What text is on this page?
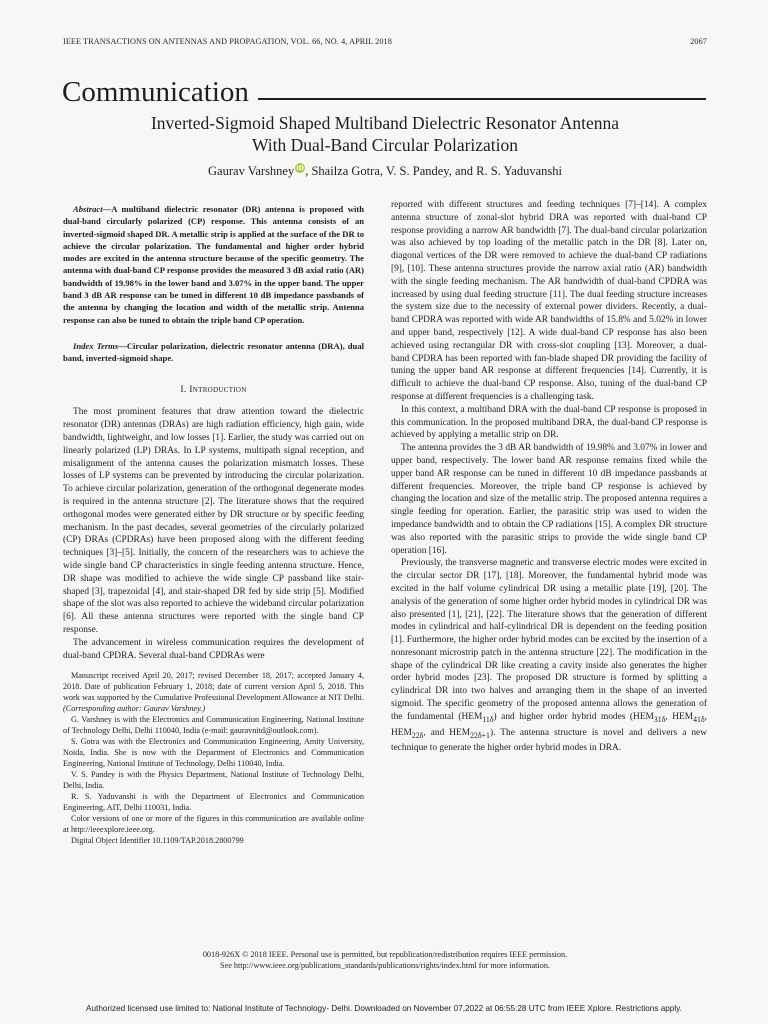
IEEE TRANSACTIONS ON ANTENNAS AND PROPAGATION, VOL. 66, NO. 4, APRIL 2018	2067
Communication
Inverted-Sigmoid Shaped Multiband Dielectric Resonator Antenna
With Dual-Band Circular Polarization
Gaurav Varshney iD, Shailza Gotra, V. S. Pandey, and R. S. Yaduvanshi

Abstract—A multiband dielectric resonator (DR) antenna is proposed with dual-band circularly polarized (CP) response. This antenna consists of an inverted-sigmoid shaped DR. A metallic strip is applied at the surface of the DR to achieve the circular polarization. The fundamental and higher order hybrid modes are excited in the antenna structure because of the specific geometry. The antenna with dual-band CP response provides the measured 3 dB axial ratio (AR) bandwidth of 19.98% in the lower band and 3.07% in the upper band. The upper band 3 dB AR response can be tuned in different 10 dB impedance passbands of the antenna by changing the location and width of the metallic strip. Antenna response can also be tuned to obtain the triple band CP operation.

Index Terms—Circular polarization, dielectric resonator antenna (DRA), dual band, inverted-sigmoid shape.

I. Introduction

The most prominent features that draw attention toward the dielectric resonator (DR) antennas (DRAs) are high radiation efficiency, high gain, wide bandwidth, lightweight, and low losses [1]. Earlier, the study was carried out on linearly polarized (LP) DRAs. In LP systems, multipath signal reception, and misalignment of the antenna causes the polarization mismatch losses. These losses of LP systems can be prevented by introducing the circular polarization. To achieve circular polarization, generation of the orthogonal degenerate modes is required in the antenna structure [2]. The literature shows that the required orthogonal modes were generated either by DR structure or by specific feeding mechanism. In the past decades, several geometries of the circularly polarized (CP) DRAs (CPDRAs) have been proposed along with the different feeding techniques [3]–[5]. Initially, the concern of the researchers was to achieve the wide single band CP characteristics in single feeding antenna structure. Hence, DR shape was modified to achieve the wide single CP passband like stair-shaped [3], trapezoidal [4], and stair-shaped DR fed by side strip [5]. Modified shape of the slot was also reported to achieve the wideband circular polarization [6]. All these antenna structures were reported with the single band CP response.

The advancement in wireless communication requires the development of dual-band CPDRA. Several dual-band CPDRAs were

Manuscript received April 20, 2017; revised December 18, 2017; accepted January 4, 2018. Date of publication February 1, 2018; date of current version April 5, 2018. This work was supported by the Cumulative Professional Development Allowance at NIT Delhi. (Corresponding author: Gaurav Varshney.)

G. Varshney is with the Electronics and Communication Engineering, National Institute of Technology Delhi, Delhi 110040, India (e-mail: gauravnitd@outlook.com).

S. Gotra was with the Electronics and Communication Engineering, Amity University, Noida, India. She is now with the Department of Electronics and Communication Engineering, National Institute of Technology, Delhi 110040, India.

V. S. Pandey is with the Physics Department, National Institute of Technology Delhi, Delhi, India.

R. S. Yaduvanshi is with the Department of Electronics and Communication Engineering, AIT, Delhi 110031, India.

Color versions of one or more of the figures in this communication are available online at http://ieeexplore.ieee.org.

Digital Object Identifier 10.1109/TAP.2018.2800799

reported with different structures and feeding techniques [7]–[14]. A complex antenna structure of zonal-slot hybrid DRA was reported with dual-band CP response providing a narrow AR bandwidth [7]. The dual-band circular polarization was also achieved by top loading of the metallic patch in the DR [8]. Later on, diagonal vertices of the DR were removed to achieve the dual-band CP radiations [9], [10]. These antenna structures provide the narrow axial ratio (AR) bandwidth with the single feeding mechanism. The AR bandwidth of dual-band CPDRA was increased by using dual feeding structure [11]. The dual feeding structure increases the system size due to the necessity of external power dividers. Recently, a dual-band CPDRA was reported with wide AR bandwidths of 15.8% and 5.02% in lower and upper band, respectively [12]. A wide dual-band CP response has also been achieved using rectangular DR with cross-slot coupling [13]. Moreover, a dual-band CPDRA has been reported with fan-blade shaped DR providing the facility of tuning the upper band AR response at different frequencies [14]. Currently, it is difficult to achieve the dual-band CP response. Also, tuning of the dual-band CP response at different frequencies is a challenging task.

In this context, a multiband DRA with the dual-band CP response is proposed in this communication. In the proposed multiband DRA, the dual-band CP response is achieved by applying a metallic strip on DR.

The antenna provides the 3 dB AR bandwidth of 19.98% and 3.07% in lower and upper band, respectively. The lower band AR response remains fixed while the upper band AR response can be tuned in different 10 dB impedance passbands at different frequencies. Moreover, the triple band CP response is achieved by changing the location and size of the metallic strip. The proposed antenna requires a single feeding for operation. Earlier, the parasitic strip was used to widen the impedance bandwidth and to obtain the CP radiations [15]. A complex DR structure was also reported with the parasitic strips to provide the wide single band CP operation [16].

Previously, the transverse magnetic and transverse electric modes were excited in the circular sector DR [17], [18]. Moreover, the fundamental hybrid mode was excited in the half volume cylindrical DR using a metallic plate [19], [20]. The analysis of the generation of some higher order hybrid modes in cylindrical DR was also presented [1], [21], [22]. The literature shows that the generation of different modes in cylindrical and half-cylindrical DR is dependent on the feeding position [1]. Furthermore, the higher order hybrid modes can be excited by the insertion of a nonresonant microstrip patch in the antenna structure [22]. The modification in the shape of the cylindrical DR like creating a cavity inside also generates the higher order hybrid modes [23]. The proposed DR structure is formed by splitting a cylindrical DR into two halves and arranging them in the shape of an inverted sigmoid. The specific geometry of the proposed antenna allows the generation of the fundamental $(HEM_{11\delta})$ and higher order hybrid modes ($HEM_{31\delta}$, $HEM_{41\delta}$, $HEM_{22\delta}$, and $HEM_{22\delta+1}$). The antenna structure is novel and delivers a new technique to generate the higher order hybrid modes in DRA.

0018-926X © 2018 IEEE. Personal use is permitted, but republication/redistribution requires IEEE permission.
See http://www.ieee.org/publications_standards/publications/rights/index.html for more information.
Authorized licensed use limited to: National Institute of Technology- Delhi. Downloaded on November 07,2022 at 06:55:28 UTC from IEEE Xplore. Restrictions apply.
